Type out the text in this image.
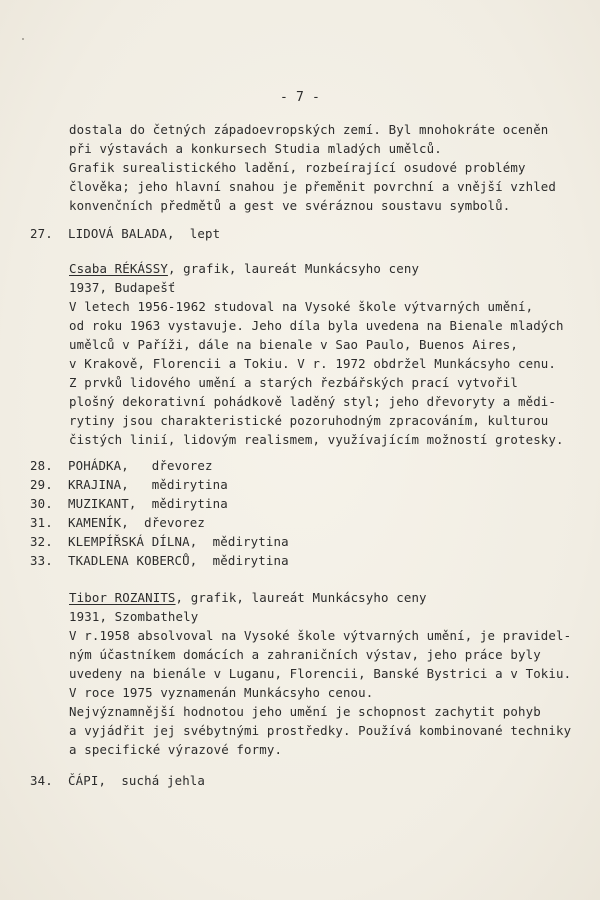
- 7 -
dostala do četných západoevropských zemí. Byl mnohokráte oceněn
při výstavách a konkursech Studia mladých umělců.
Grafik surealistického ladění, rozbeírající osudové problémy
člověka; jeho hlavní snahou je přeměnit povrchní a vnější vzhled
konvenčních předmětů a gest ve svéráznou soustavu symbolů.
27. LIDOVÁ BALADA, lept
Csaba RÉKÁSSY, grafik, laureát Munkácsyho ceny
1937, Budapešť
V letech 1956-1962 studoval na Vysoké škole výtvarných umění,
od roku 1963 vystavuje. Jeho díla byla uvedena na Bienale mladých
umělců v Paříži, dále na bienale v Sao Paulo, Buenos Aires,
v Krakově, Florencii a Tokiu. V r. 1972 obdržel Munkácsyho cenu.
Z prvků lidového umění a starých řezbářských prací vytvořil
plošný dekorativní pohádkově laděný styl; jeho dřevoryty a mědi-
rytiny jsou charakteristické pozoruhodným zpracováním, kulturou
čistých linií, lidovým realismem, využívajícím možností grotesky.
28. POHÁDKA,   dřevorez
29. KRAJINA,   mědirytina
30. MUZIKANT,  mědirytina
31. KAMENÍK,  dřevorez
32. KLEMPÍŘSKÁ DÍLNA,  mědirytina
33. TKADLENA KOBERCŮ,  mědirytina
Tibor ROZANITS, grafik, laureát Munkácsyho ceny
1931, Szombathely
V r.1958 absolvoval na Vysoké škole výtvarných umění, je pravidel-
ným účastníkem domácích a zahraničních výstav, jeho práce byly
uvedeny na bienále v Luganu, Florencii, Banské Bystrici a v Tokiu.
V roce 1975 vyznamenán Munkácsyho cenou.
Nejvýznamnější hodnotou jeho umění je schopnost zachytit pohyb
a vyjádřit jej svébytnými prostředky. Používá kombinované techniky
a specifické výrazové formy.
34. ČÁPI, suchá jehla
